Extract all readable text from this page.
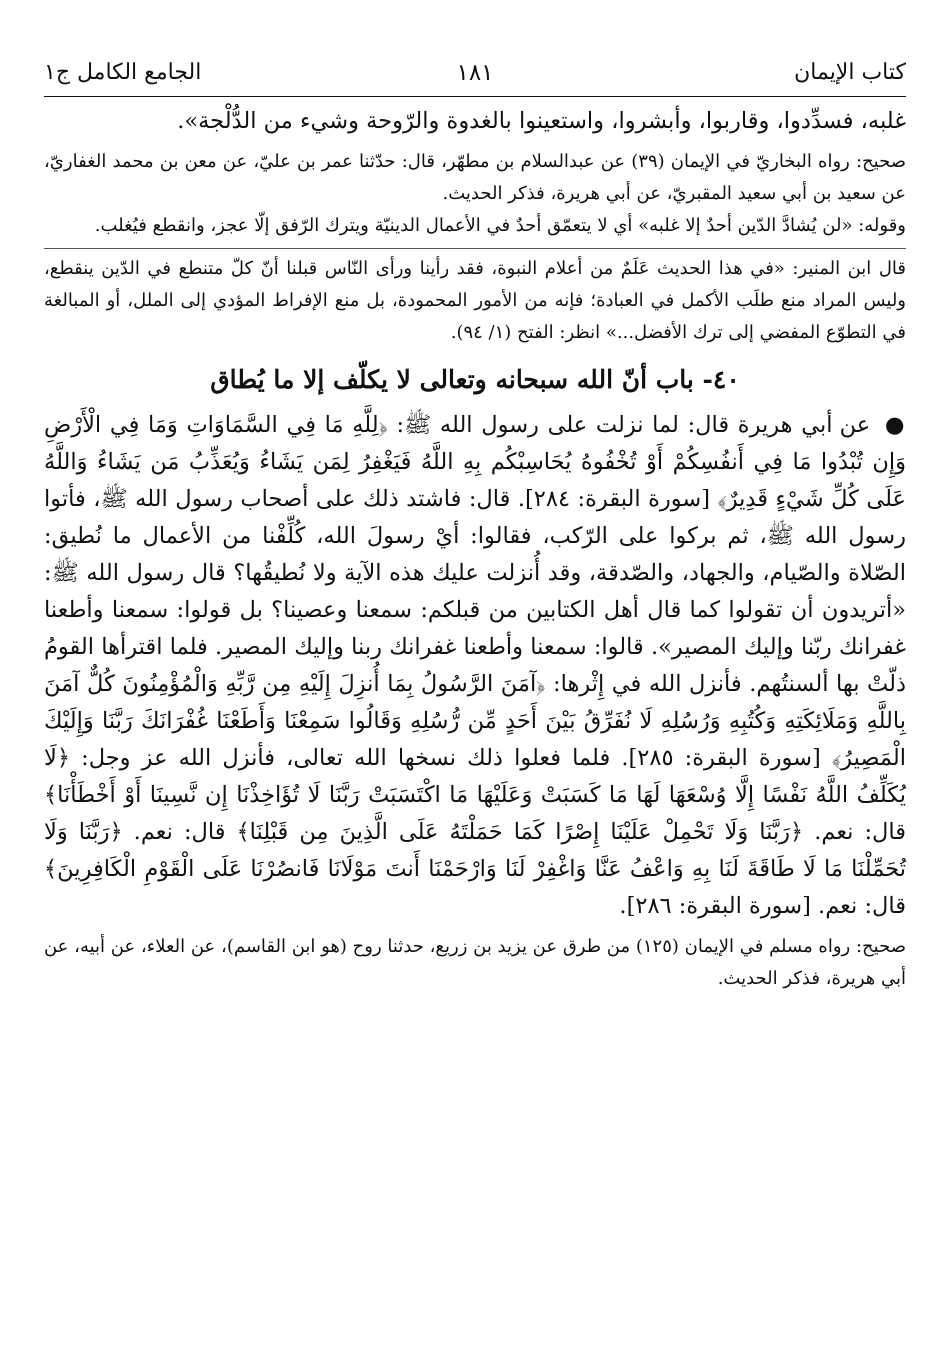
كتاب الإيمان
١٨١
الجامع الكامل ج١

غلبه، فسدِّدوا، وقاربوا، وأبشروا، واستعينوا بالغدوة والرّوحة وشيء من الدُّلْجة».

صحيح: رواه البخاريّ في الإيمان (٣٩) عن عبدالسلام بن مطهّر، قال: حدّثنا عمر بن عليّ، عن معن بن محمد الغفاريّ، عن سعيد بن أبي سعيد المقبريّ، عن أبي هريرة، فذكر الحديث.

وقوله: «لن يُشادَّ الدّين أحدٌ إلا غلبه» أي لا يتعمّق أحدٌ في الأعمال الدينيّة ويترك الرّفق إلّا عجز، وانقطع فيُغلب.

قال ابن المنير: «في هذا الحديث عَلَمٌ من أعلام النبوة، فقد رأينا ورأى النّاس قبلنا أنّ كلّ متنطع في الدّين ينقطع، وليس المراد منع طلَب الأكمل في العبادة؛ فإنه من الأمور المحمودة، بل منع الإفراط المؤدي إلى الملل، أو المبالغة في التطوّع المفضي إلى ترك الأفضل...» انظر: الفتح (١/ ٩٤).

٤٠- باب أنّ الله سبحانه وتعالى لا يكلّف إلا ما يُطاق

● عن أبي هريرة قال: لما نزلت على رسول الله ﷺ: ﴿لِلَّهِ مَا فِي السَّمَاوَاتِ وَمَا فِي الْأَرْضِ وَإِن تُبْدُوا مَا فِي أَنفُسِكُمْ أَوْ تُخْفُوهُ يُحَاسِبْكُم بِهِ اللَّهُ فَيَغْفِرُ لِمَن يَشَاءُ وَيُعَذِّبُ مَن يَشَاءُ وَاللَّهُ عَلَى كُلِّ شَيْءٍ قَدِيرٌ﴾ [سورة البقرة: ٢٨٤]. قال: فاشتد ذلك على أصحاب رسول الله ﷺ، فأتوا رسول الله ﷺ، ثم بركوا على الرّكب، فقالوا: أيْ رسولَ الله، كُلِّفْنا من الأعمال ما نُطيق: الصّلاة والصّيام، والجهاد، والصّدقة، وقد أُنزلت عليك هذه الآية ولا نُطيقُها؟ قال رسول الله ﷺ: «أتريدون أن تقولوا كما قال أهل الكتابين من قبلكم: سمعنا وعصينا؟ بل قولوا: سمعنا وأطعنا غفرانك ربّنا وإليك المصير». قالوا: سمعنا وأطعنا غفرانك ربنا وإليك المصير. فلما اقترأها القومُ ذلّتْ بها ألسنتُهم. فأنزل الله في إِثْرها: ﴿آمَنَ الرَّسُولُ بِمَا أُنزِلَ إِلَيْهِ مِن رَّبِّهِ وَالْمُؤْمِنُونَ كُلٌّ آمَنَ بِاللَّهِ وَمَلَائِكَتِهِ وَكُتُبِهِ وَرُسُلِهِ لَا نُفَرِّقُ بَيْنَ أَحَدٍ مِّن رُّسُلِهِ وَقَالُوا سَمِعْنَا وَأَطَعْنَا غُفْرَانَكَ رَبَّنَا وَإِلَيْكَ الْمَصِيرُ﴾ [سورة البقرة: ٢٨٥]. فلما فعلوا ذلك نسخها الله تعالى، فأنزل الله عز وجل: ﴿لَا يُكَلِّفُ اللَّهُ نَفْسًا إِلَّا وُسْعَهَا لَهَا مَا كَسَبَتْ وَعَلَيْهَا مَا اكْتَسَبَتْ رَبَّنَا لَا تُؤَاخِذْنَا إِن نَّسِينَا أَوْ أَخْطَأْنَا﴾ قال: نعم. ﴿رَبَّنَا وَلَا تَحْمِلْ عَلَيْنَا إِصْرًا كَمَا حَمَلْتَهُ عَلَى الَّذِينَ مِن قَبْلِنَا﴾ قال: نعم. ﴿رَبَّنَا وَلَا تُحَمِّلْنَا مَا لَا طَاقَةَ لَنَا بِهِ وَاعْفُ عَنَّا وَاغْفِرْ لَنَا وَارْحَمْنَا أَنتَ مَوْلَانَا فَانصُرْنَا عَلَى الْقَوْمِ الْكَافِرِينَ﴾ قال: نعم. [سورة البقرة: ٢٨٦].

صحيح: رواه مسلم في الإيمان (١٢٥) من طرق عن يزيد بن زريع، حدثنا روح (هو ابن القاسم)، عن العلاء، عن أبيه، عن أبي هريرة، فذكر الحديث.
